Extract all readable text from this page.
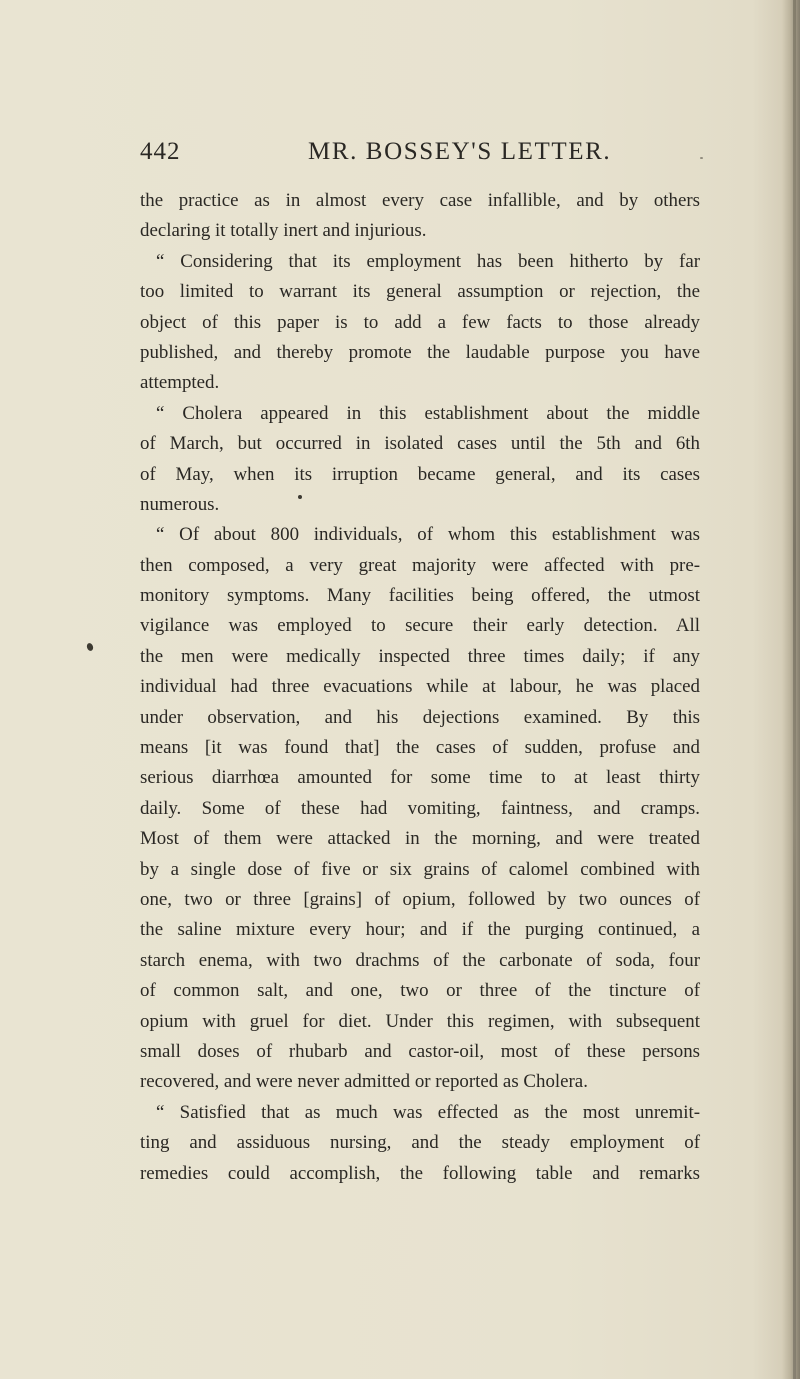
442	MR. BOSSEY'S LETTER.
the practice as in almost every case infallible, and by others
declaring it totally inert and injurious.
“ Considering that its employment has been hitherto by far
too limited to warrant its general assumption or rejection, the
object of this paper is to add a few facts to those already
published, and thereby promote the laudable purpose you have
attempted.
“ Cholera appeared in this establishment about the middle
of March, but occurred in isolated cases until the 5th and 6th
of May, when its irruption became general, and its cases
numerous.
“ Of about 800 individuals, of whom this establishment was
then composed, a very great majority were affected with pre-
monitory symptoms. Many facilities being offered, the utmost
vigilance was employed to secure their early detection. All
the men were medically inspected three times daily; if any
individual had three evacuations while at labour, he was placed
under observation, and his dejections examined. By this
means [it was found that] the cases of sudden, profuse and
serious diarrhœa amounted for some time to at least thirty
daily. Some of these had vomiting, faintness, and cramps.
Most of them were attacked in the morning, and were treated
by a single dose of five or six grains of calomel combined with
one, two or three [grains] of opium, followed by two ounces of
the saline mixture every hour; and if the purging continued, a
starch enema, with two drachms of the carbonate of soda, four
of common salt, and one, two or three of the tincture of
opium with gruel for diet. Under this regimen, with subsequent
small doses of rhubarb and castor-oil, most of these persons
recovered, and were never admitted or reported as Cholera.
“ Satisfied that as much was effected as the most unremit-
ting and assiduous nursing, and the steady employment of
remedies could accomplish, the following table and remarks
